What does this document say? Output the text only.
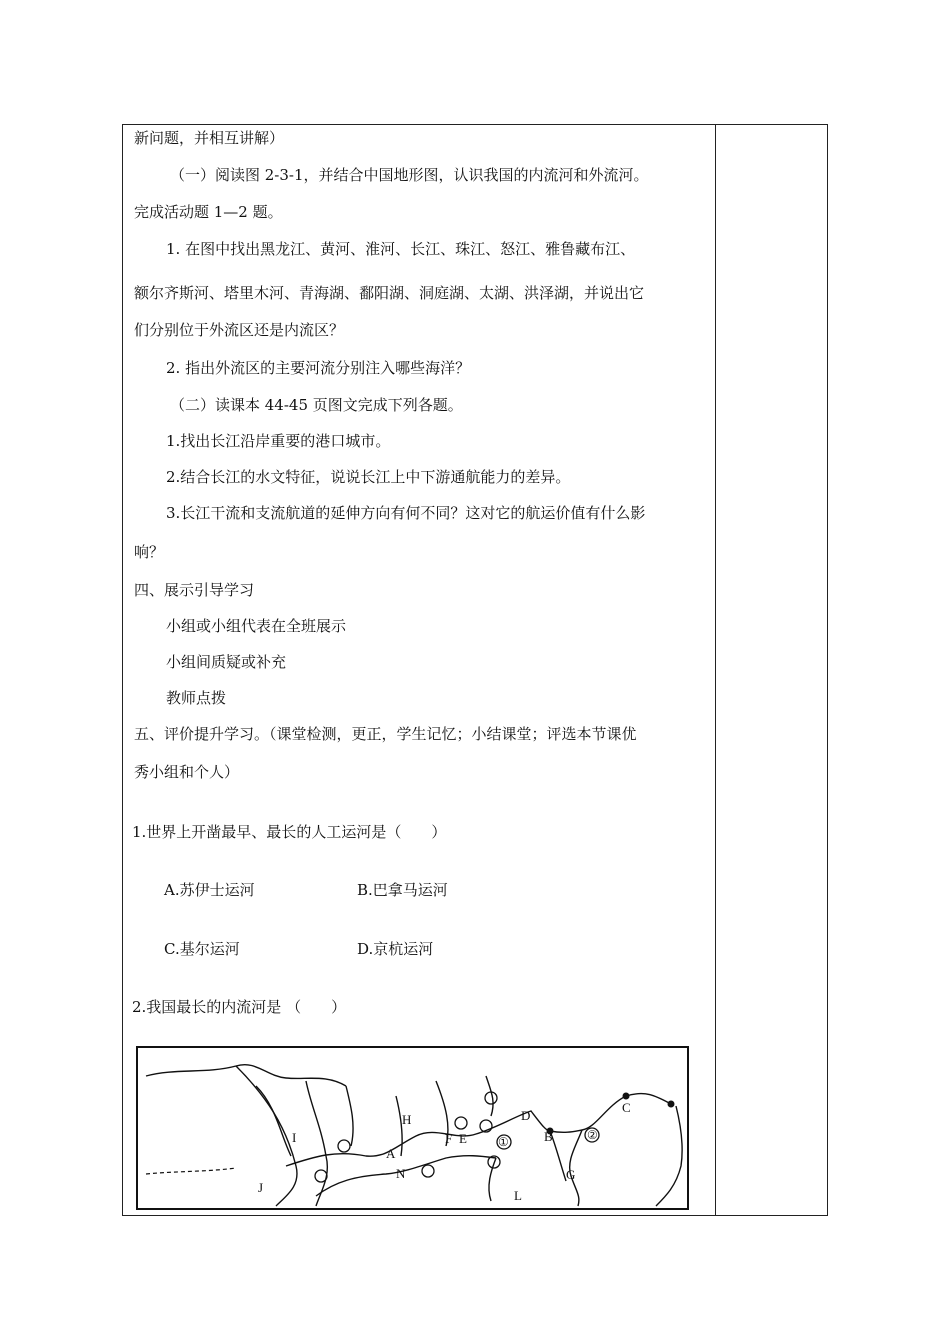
新问题，并相互讲解）
（一）阅读图 2-3-1，并结合中国地形图，认识我国的内流河和外流河。
完成活动题 1—2 题。
1. 在图中找出黑龙江、黄河、淮河、长江、珠江、怒江、雅鲁藏布江、
额尔齐斯河、塔里木河、青海湖、鄱阳湖、洞庭湖、太湖、洪泽湖，并说出它
们分别位于外流区还是内流区？
2. 指出外流区的主要河流分别注入哪些海洋？
（二）读课本 44-45 页图文完成下列各题。
1.找出长江沿岸重要的港口城市。
2.结合长江的水文特征，说说长江上中下游通航能力的差异。
3.长江干流和支流航道的延伸方向有何不同？这对它的航运价值有什么影
响？
四、展示引导学习
小组或小组代表在全班展示
小组间质疑或补充
教师点拨
五、评价提升学习。（课堂检测，更正，学生记忆；小结课堂；评选本节课优
秀小组和个人）
1.世界上开凿最早、最长的人工运河是（　　）
A.苏伊士运河	B.巴拿马运河
C.基尔运河	D.京杭运河
2.我国最长的内流河是 （　　）
H
I
A
N
F E	①
D
B	②
C
G
L
J
